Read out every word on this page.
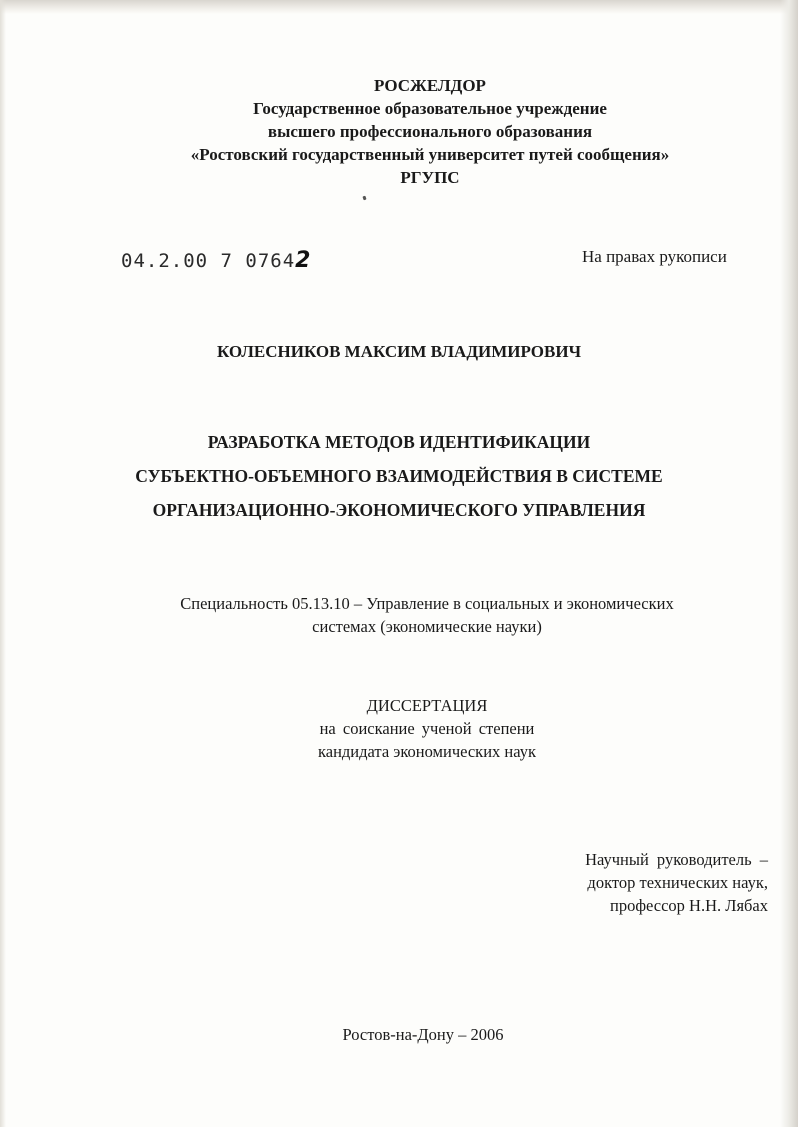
РОСЖЕЛДОР
Государственное образовательное учреждение
высшего профессионального образования
«Ростовский государственный университет путей сообщения»
РГУПС
04.2.00 7 07642	На правах рукописи
КОЛЕСНИКОВ МАКСИМ ВЛАДИМИРОВИЧ
РАЗРАБОТКА МЕТОДОВ ИДЕНТИФИКАЦИИ
СУБЪЕКТНО-ОБЪЕМНОГО ВЗАИМОДЕЙСТВИЯ В СИСТЕМЕ
ОРГАНИЗАЦИОННО-ЭКОНОМИЧЕСКОГО УПРАВЛЕНИЯ
Специальность 05.13.10 – Управление в социальных и экономических
системах (экономические науки)
ДИССЕРТАЦИЯ
на соискание ученой степени
кандидата экономических наук
Научный руководитель –
доктор технических наук,
профессор Н.Н. Лябах
Ростов-на-Дону – 2006
